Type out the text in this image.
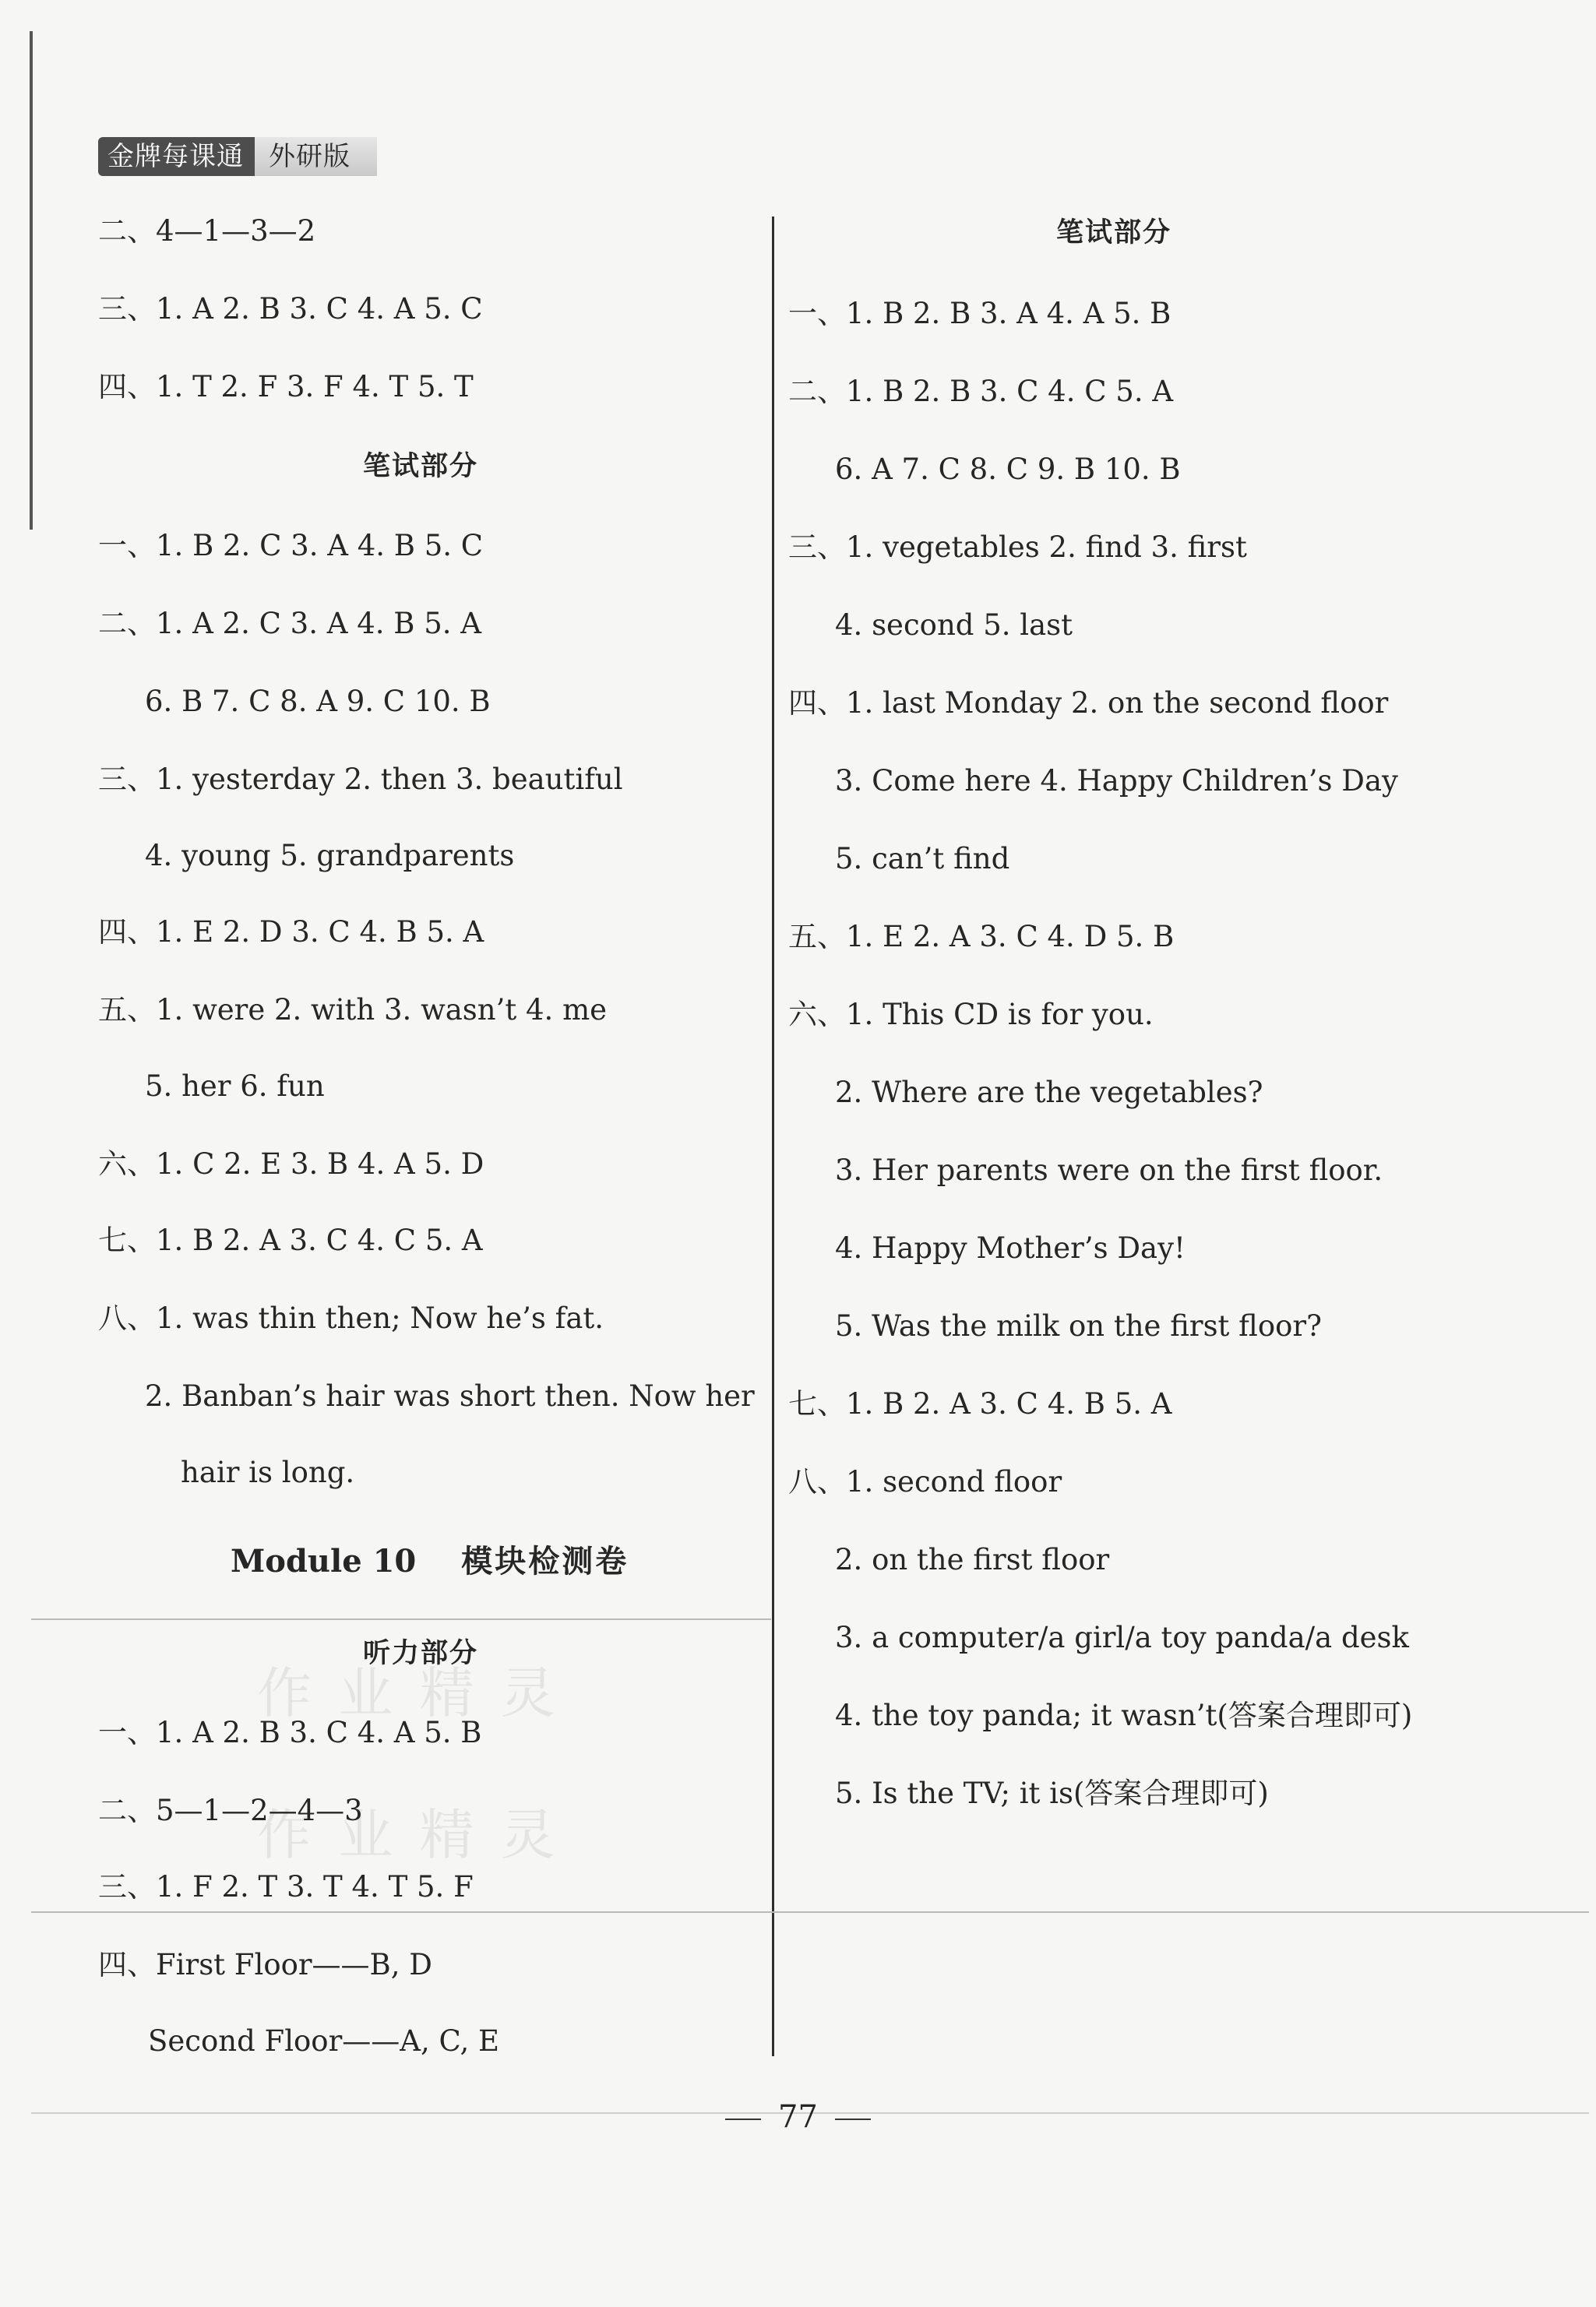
金牌每课通 外研版
作 业 精 灵
作 业 精 灵
二、4—1—3—2
三、1. A 2. B 3. C 4. A 5. C
四、1. T 2. F 3. F 4. T 5. T
笔试部分
一、1. B 2. C 3. A 4. B 5. C
二、1. A 2. C 3. A 4. B 5. A
6. B 7. C 8. A 9. C 10. B
三、1. yesterday 2. then 3. beautiful
4. young 5. grandparents
四、1. E 2. D 3. C 4. B 5. A
五、1. were 2. with 3. wasn’t 4. me
5. her 6. fun
六、1. C 2. E 3. B 4. A 5. D
七、1. B 2. A 3. C 4. C 5. A
八、1. was thin then; Now he’s fat.
2. Banban’s hair was short then. Now her
hair is long.
Module 10 模块检测卷
听力部分
一、1. A 2. B 3. C 4. A 5. B
二、5—1—2—4—3
三、1. F 2. T 3. T 4. T 5. F
四、First Floor——B, D
Second Floor——A, C, E
笔试部分
一、1. B 2. B 3. A 4. A 5. B
二、1. B 2. B 3. C 4. C 5. A
6. A 7. C 8. C 9. B 10. B
三、1. vegetables 2. find 3. first
4. second 5. last
四、1. last Monday 2. on the second floor
3. Come here 4. Happy Children’s Day
5. can’t find
五、1. E 2. A 3. C 4. D 5. B
六、1. This CD is for you.
2. Where are the vegetables?
3. Her parents were on the first floor.
4. Happy Mother’s Day!
5. Was the milk on the first floor?
七、1. B 2. A 3. C 4. B 5. A
八、1. second floor
2. on the first floor
3. a computer/a girl/a toy panda/a desk
4. the toy panda; it wasn’t(答案合理即可)
5. Is the TV; it is(答案合理即可)
77
